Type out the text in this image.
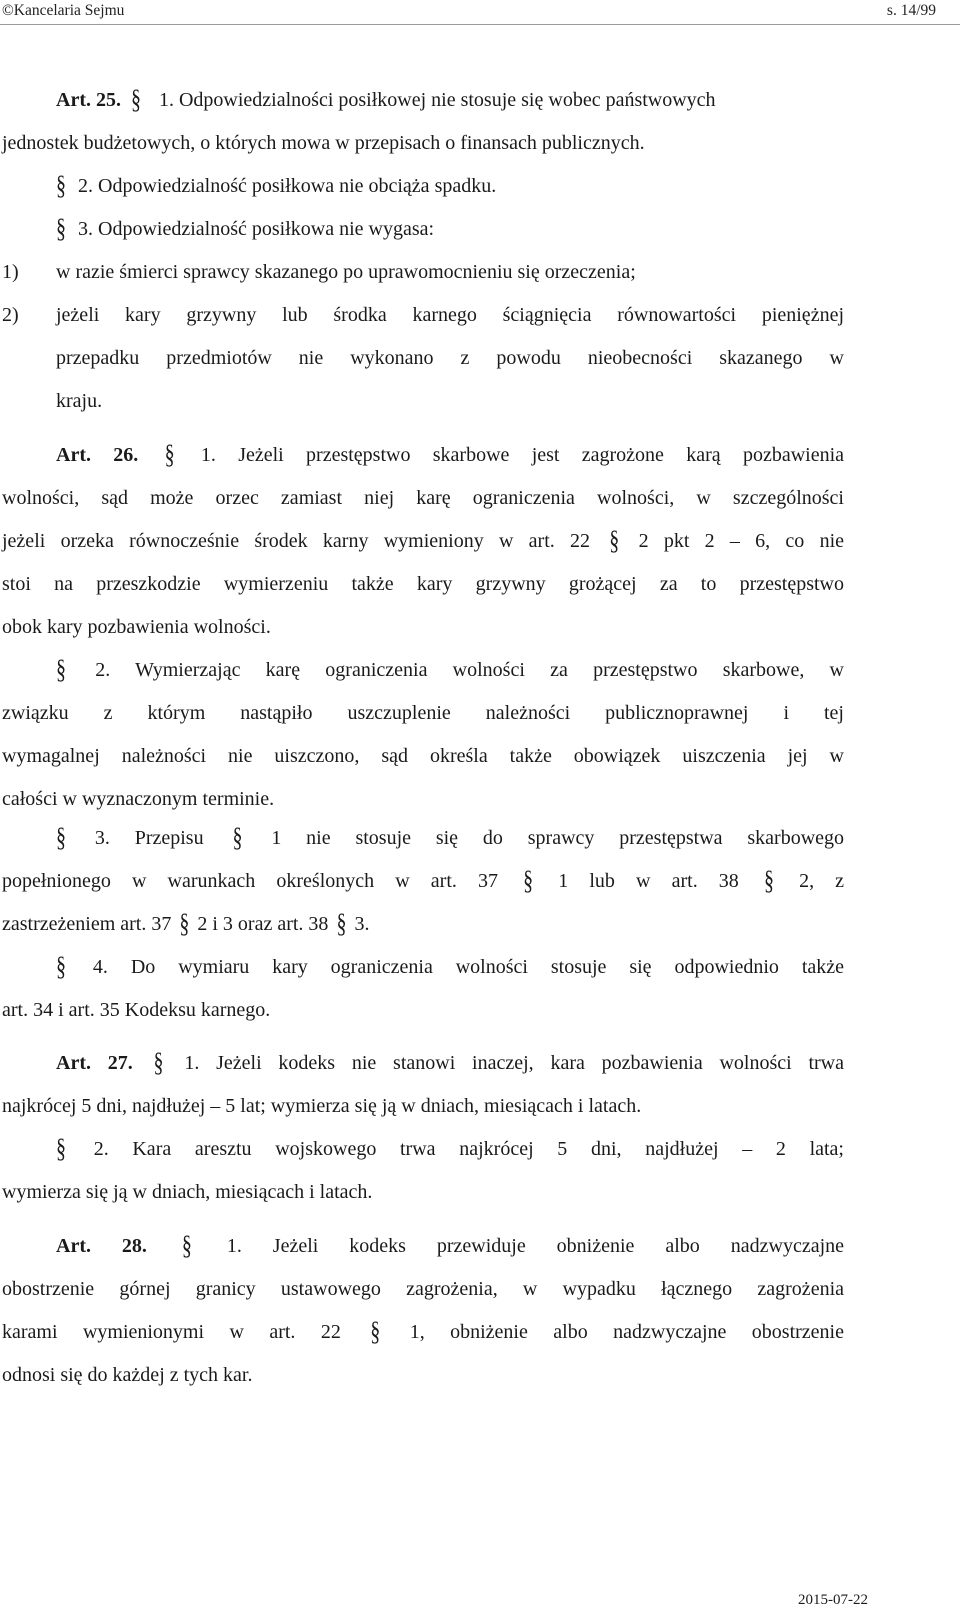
©Kancelaria Sejmu	s. 14/99
Art. 25. § 1. Odpowiedzialności posiłkowej nie stosuje się wobec państwowych
jednostek budżetowych, o których mowa w przepisach o finansach publicznych.
§ 2. Odpowiedzialność posiłkowa nie obciąża spadku.
§ 3. Odpowiedzialność posiłkowa nie wygasa:
1) w razie śmierci sprawcy skazanego po uprawomocnieniu się orzeczenia;
2) jeżeli kary grzywny lub środka karnego ściągnięcia równowartości pieniężnej
przepadku przedmiotów nie wykonano z powodu nieobecności skazanego w
kraju.
Art. 26. § 1. Jeżeli przestępstwo skarbowe jest zagrożone karą pozbawienia
wolności, sąd może orzec zamiast niej karę ograniczenia wolności, w szczególności
jeżeli orzeka równocześnie środek karny wymieniony w art. 22 § 2 pkt 2 – 6, co nie
stoi na przeszkodzie wymierzeniu także kary grzywny grożącej za to przestępstwo
obok kary pozbawienia wolności.
§ 2. Wymierzając karę ograniczenia wolności za przestępstwo skarbowe, w
związku z którym nastąpiło uszczuplenie należności publicznoprawnej i tej
wymagalnej należności nie uiszczono, sąd określa także obowiązek uiszczenia jej w
całości w wyznaczonym terminie.
§ 3. Przepisu § 1 nie stosuje się do sprawcy przestępstwa skarbowego
popełnionego w warunkach określonych w art. 37 § 1 lub w art. 38 § 2, z
zastrzeżeniem art. 37 § 2 i 3 oraz art. 38 § 3.
§ 4. Do wymiaru kary ograniczenia wolności stosuje się odpowiednio także
art. 34 i art. 35 Kodeksu karnego.
Art. 27. § 1. Jeżeli kodeks nie stanowi inaczej, kara pozbawienia wolności trwa
najkrócej 5 dni, najdłużej – 5 lat; wymierza się ją w dniach, miesiącach i latach.
§ 2. Kara aresztu wojskowego trwa najkrócej 5 dni, najdłużej – 2 lata;
wymierza się ją w dniach, miesiącach i latach.
Art. 28. § 1. Jeżeli kodeks przewiduje obniżenie albo nadzwyczajne
obostrzenie górnej granicy ustawowego zagrożenia, w wypadku łącznego zagrożenia
karami wymienionymi w art. 22 § 1, obniżenie albo nadzwyczajne obostrzenie
odnosi się do każdej z tych kar.
2015-07-22
